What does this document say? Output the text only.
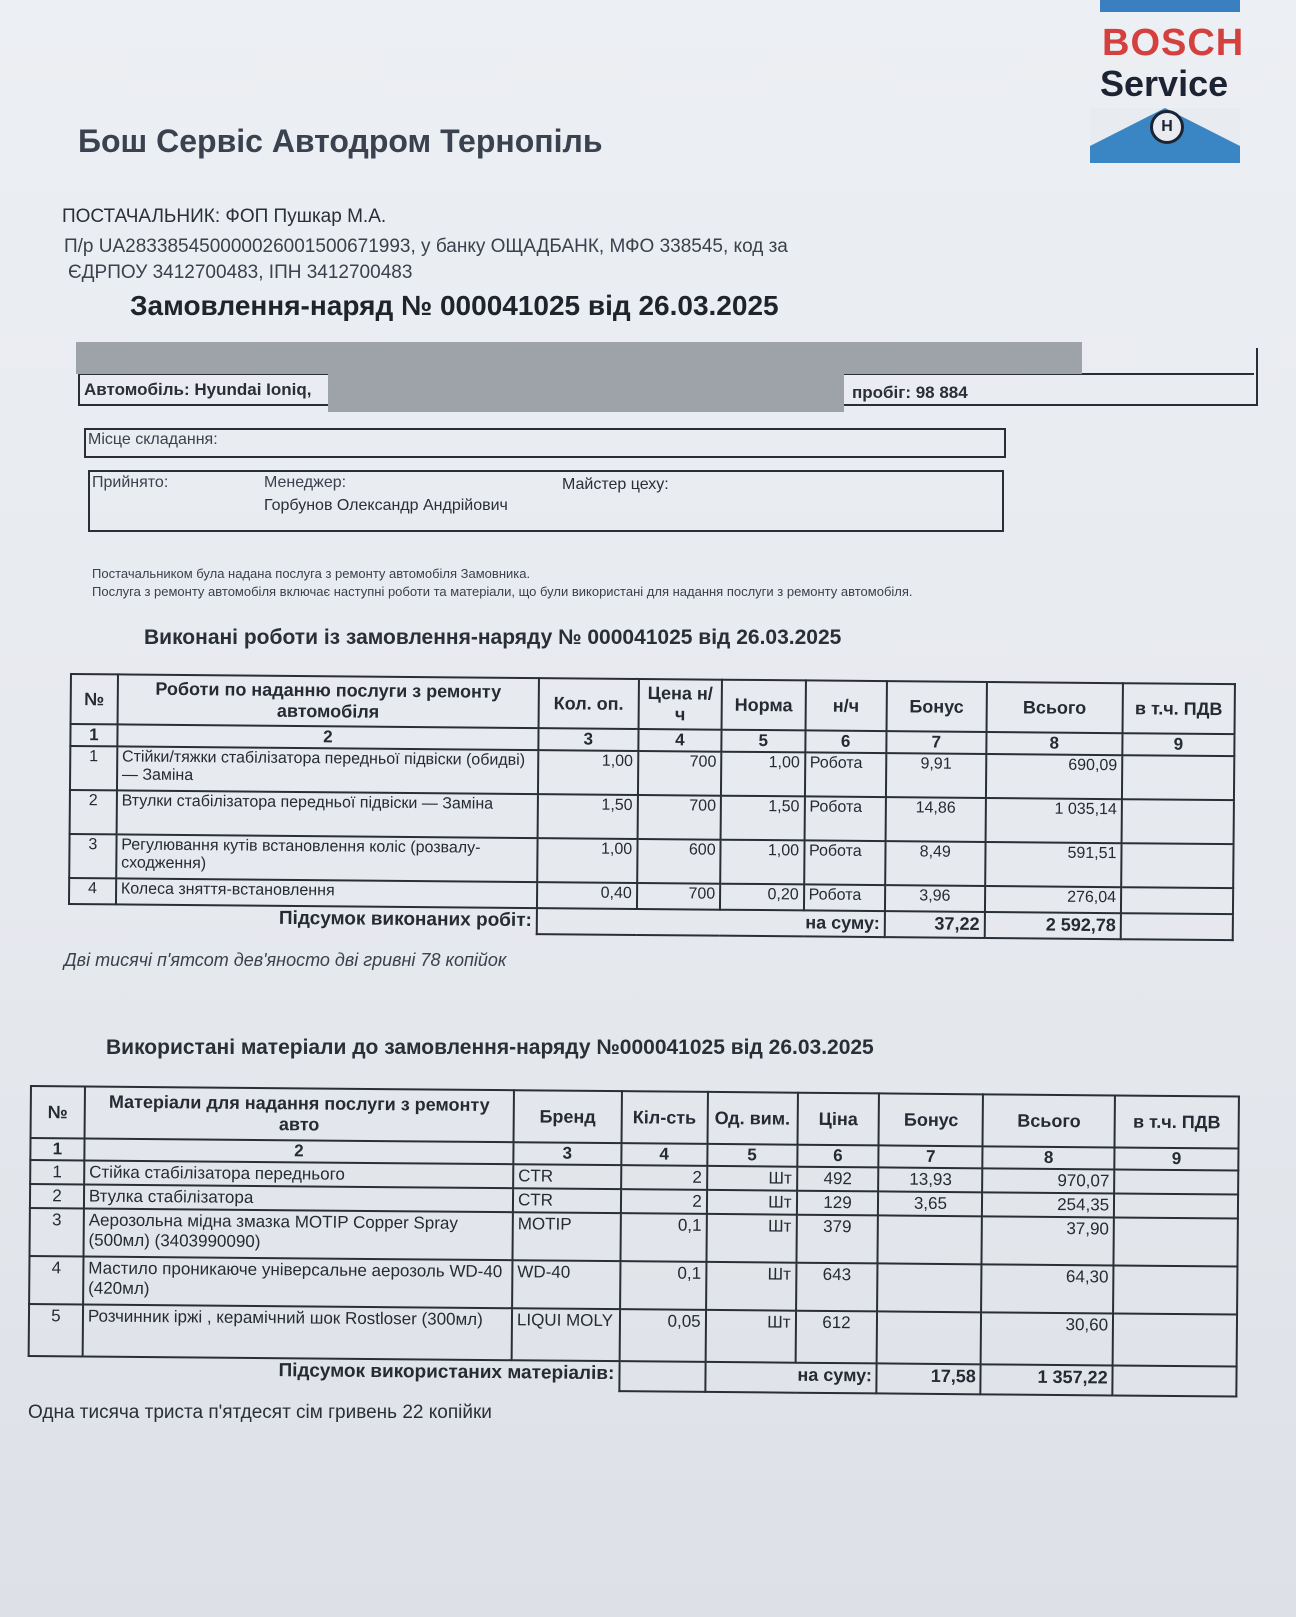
BOSCH
Service
H
Бош Сервіс Автодром Тернопіль
ПОСТАЧАЛЬНИК: ФОП Пушкар М.А.
П/р UA283385450000026001500671993, у банку ОЩАДБАНК, МФО 338545, код за
ЄДРПОУ 3412700483, ІПН 3412700483
Замовлення-наряд № 000041025 від 26.03.2025
Автомобіль: Hyundai Ioniq,	пробіг: 98 884
Місце складання:
Прийнято:	Менеджер:
Горбунов Олександр Андрійович
Майстер цеху:
Постачальником була надана послуга з ремонту автомобіля Замовника.
Послуга з ремонту автомобіля включає наступні роботи та матеріали, що були використані для надання послуги з ремонту автомобіля.
Виконані роботи із замовлення-наряду № 000041025 від 26.03.2025
№	Роботи по наданню послуги з ремонту автомобіля	Кол. оп.	Цена н/ч	Норма	н/ч	Бонус	Всього	в т.ч. ПДВ
1	2	3	4	5	6	7	8	9
1	Стійки/тяжки стабілізатора передньої підвіски (обидві) — Заміна	1,00	700	1,00	Робота	9,91	690,09	
2	Втулки стабілізатора передньої підвіски — Заміна	1,50	700	1,50	Робота	14,86	1 035,14	
3	Регулювання кутів встановлення коліс (розвалу-сходження)	1,00	600	1,00	Робота	8,49	591,51	
4	Колеса зняття-встановлення	0,40	700	0,20	Робота	3,96	276,04	
	Підсумок виконаних робіт:	на суму:				37,22	2 592,78	
Дві тисячі п'ятсот дев'яносто дві гривні 78 копійок
Використані матеріали до замовлення-наряду №000041025 від 26.03.2025
№	Матеріали для надання послуги з ремонту авто	Бренд	Кіл-сть	Од. вим.	Ціна	Бонус	Всього	в т.ч. ПДВ
1	2	3	4	5	6	7	8	9
1	Стійка стабілізатора переднього	CTR	2	Шт	492	13,93	970,07	
2	Втулка стабілізатора	CTR	2	Шт	129	3,65	254,35	
3	Аерозольна мідна змазка MOTIP Copper Spray (500мл) (3403990090)	MOTIP	0,1	Шт	379		37,90	
4	Мастило проникаюче універсальне аерозоль WD-40 (420мл)	WD-40	0,1	Шт	643		64,30	
5	Розчинник іржі , керамічний шок Rostloser (300мл)	LIQUI MOLY	0,05	Шт	612		30,60	
	Підсумок використаних матеріалів:			на суму:		17,58	1 357,22	
Одна тисяча триста п'ятдесят сім гривень 22 копійки
